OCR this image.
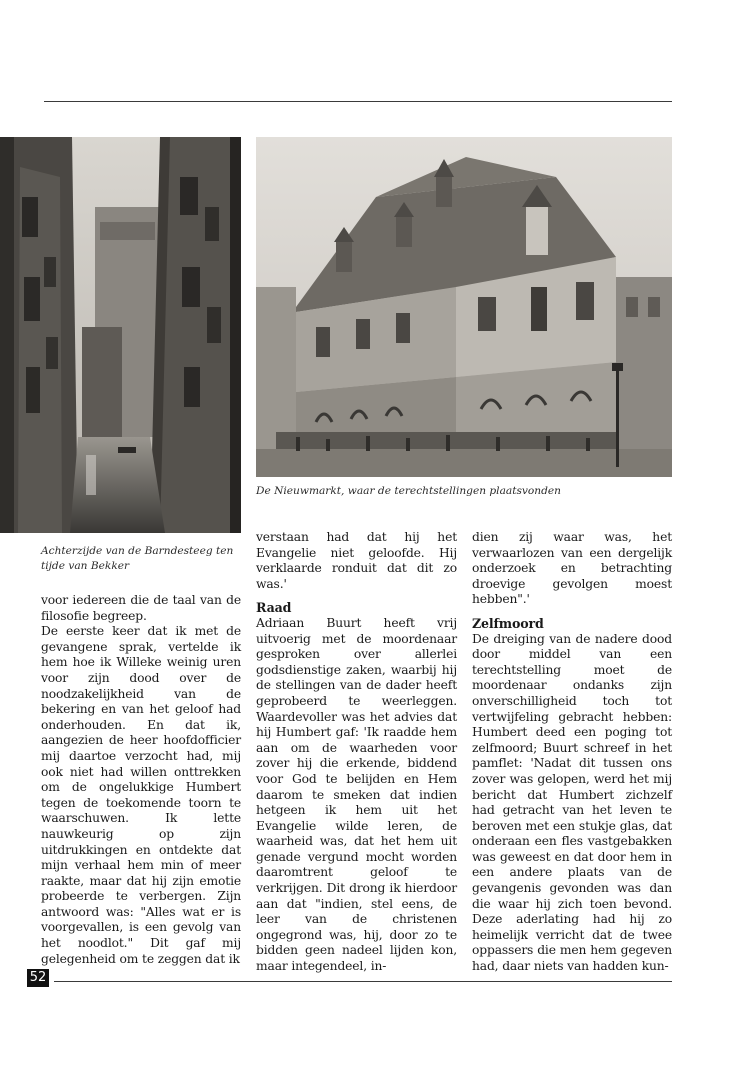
De Nieuwmarkt, waar de terechtstellingen plaatsvonden
Achterzijde van de Barndesteeg ten tijde van Bekker

voor iedereen die de taal van de filosofie begreep.

De eerste keer dat ik met de gevangene sprak, vertelde ik hem hoe ik Willeke weinig uren voor zijn dood over de noodzakelijkheid van de bekering en van het geloof had onderhouden. En dat ik, aangezien de heer hoofdofficier mij daartoe verzocht had, mij ook niet had willen onttrekken om de ongelukkige Humbert tegen de toekomende toorn te waarschuwen. Ik lette nauwkeurig op zijn uitdrukkingen en ontdekte dat mijn verhaal hem min of meer raakte, maar dat hij zijn emotie probeerde te verbergen. Zijn antwoord was: "Alles wat er is voorgevallen, is een gevolg van het noodlot." Dit gaf mij gelegenheid om te zeggen dat ik

verstaan had dat hij het Evangelie niet geloofde. Hij verklaarde ronduit dat dit zo was.'

Raad

Adriaan Buurt heeft vrij uitvoerig met de moordenaar gesproken over allerlei godsdienstige zaken, waarbij hij de stellingen van de dader heeft geprobeerd te weerleggen. Waardevoller was het advies dat hij Humbert gaf: 'Ik raadde hem aan om de waarheden voor zover hij die erkende, biddend voor God te belijden en Hem daarom te smeken dat indien hetgeen ik hem uit het Evangelie wilde leren, de waarheid was, dat het hem uit genade vergund mocht worden daaromtrent geloof te verkrijgen. Dit drong ik hierdoor aan dat "indien, stel eens, de leer van de christenen ongegrond was, hij, door zo te bidden geen nadeel lijden kon, maar integendeel, in-

dien zij waar was, het verwaarlozen van een dergelijk onderzoek en betrachting droevige gevolgen moest hebben".'

Zelfmoord

De dreiging van de nadere dood door middel van een terechtstelling moet de moordenaar ondanks zijn onverschilligheid toch tot vertwijfeling gebracht hebben: Humbert deed een poging tot zelfmoord; Buurt schreef in het pamflet: 'Nadat dit tussen ons zover was gelopen, werd het mij bericht dat Humbert zichzelf had getracht van het leven te beroven met een stukje glas, dat onderaan een fles vastgebakken was geweest en dat door hem in een andere plaats van de gevangenis gevonden was dan die waar hij zich toen bevond. Deze aderlating had hij zo heimelijk verricht dat de twee oppassers die men hem gegeven had, daar niets van hadden kun-

52
